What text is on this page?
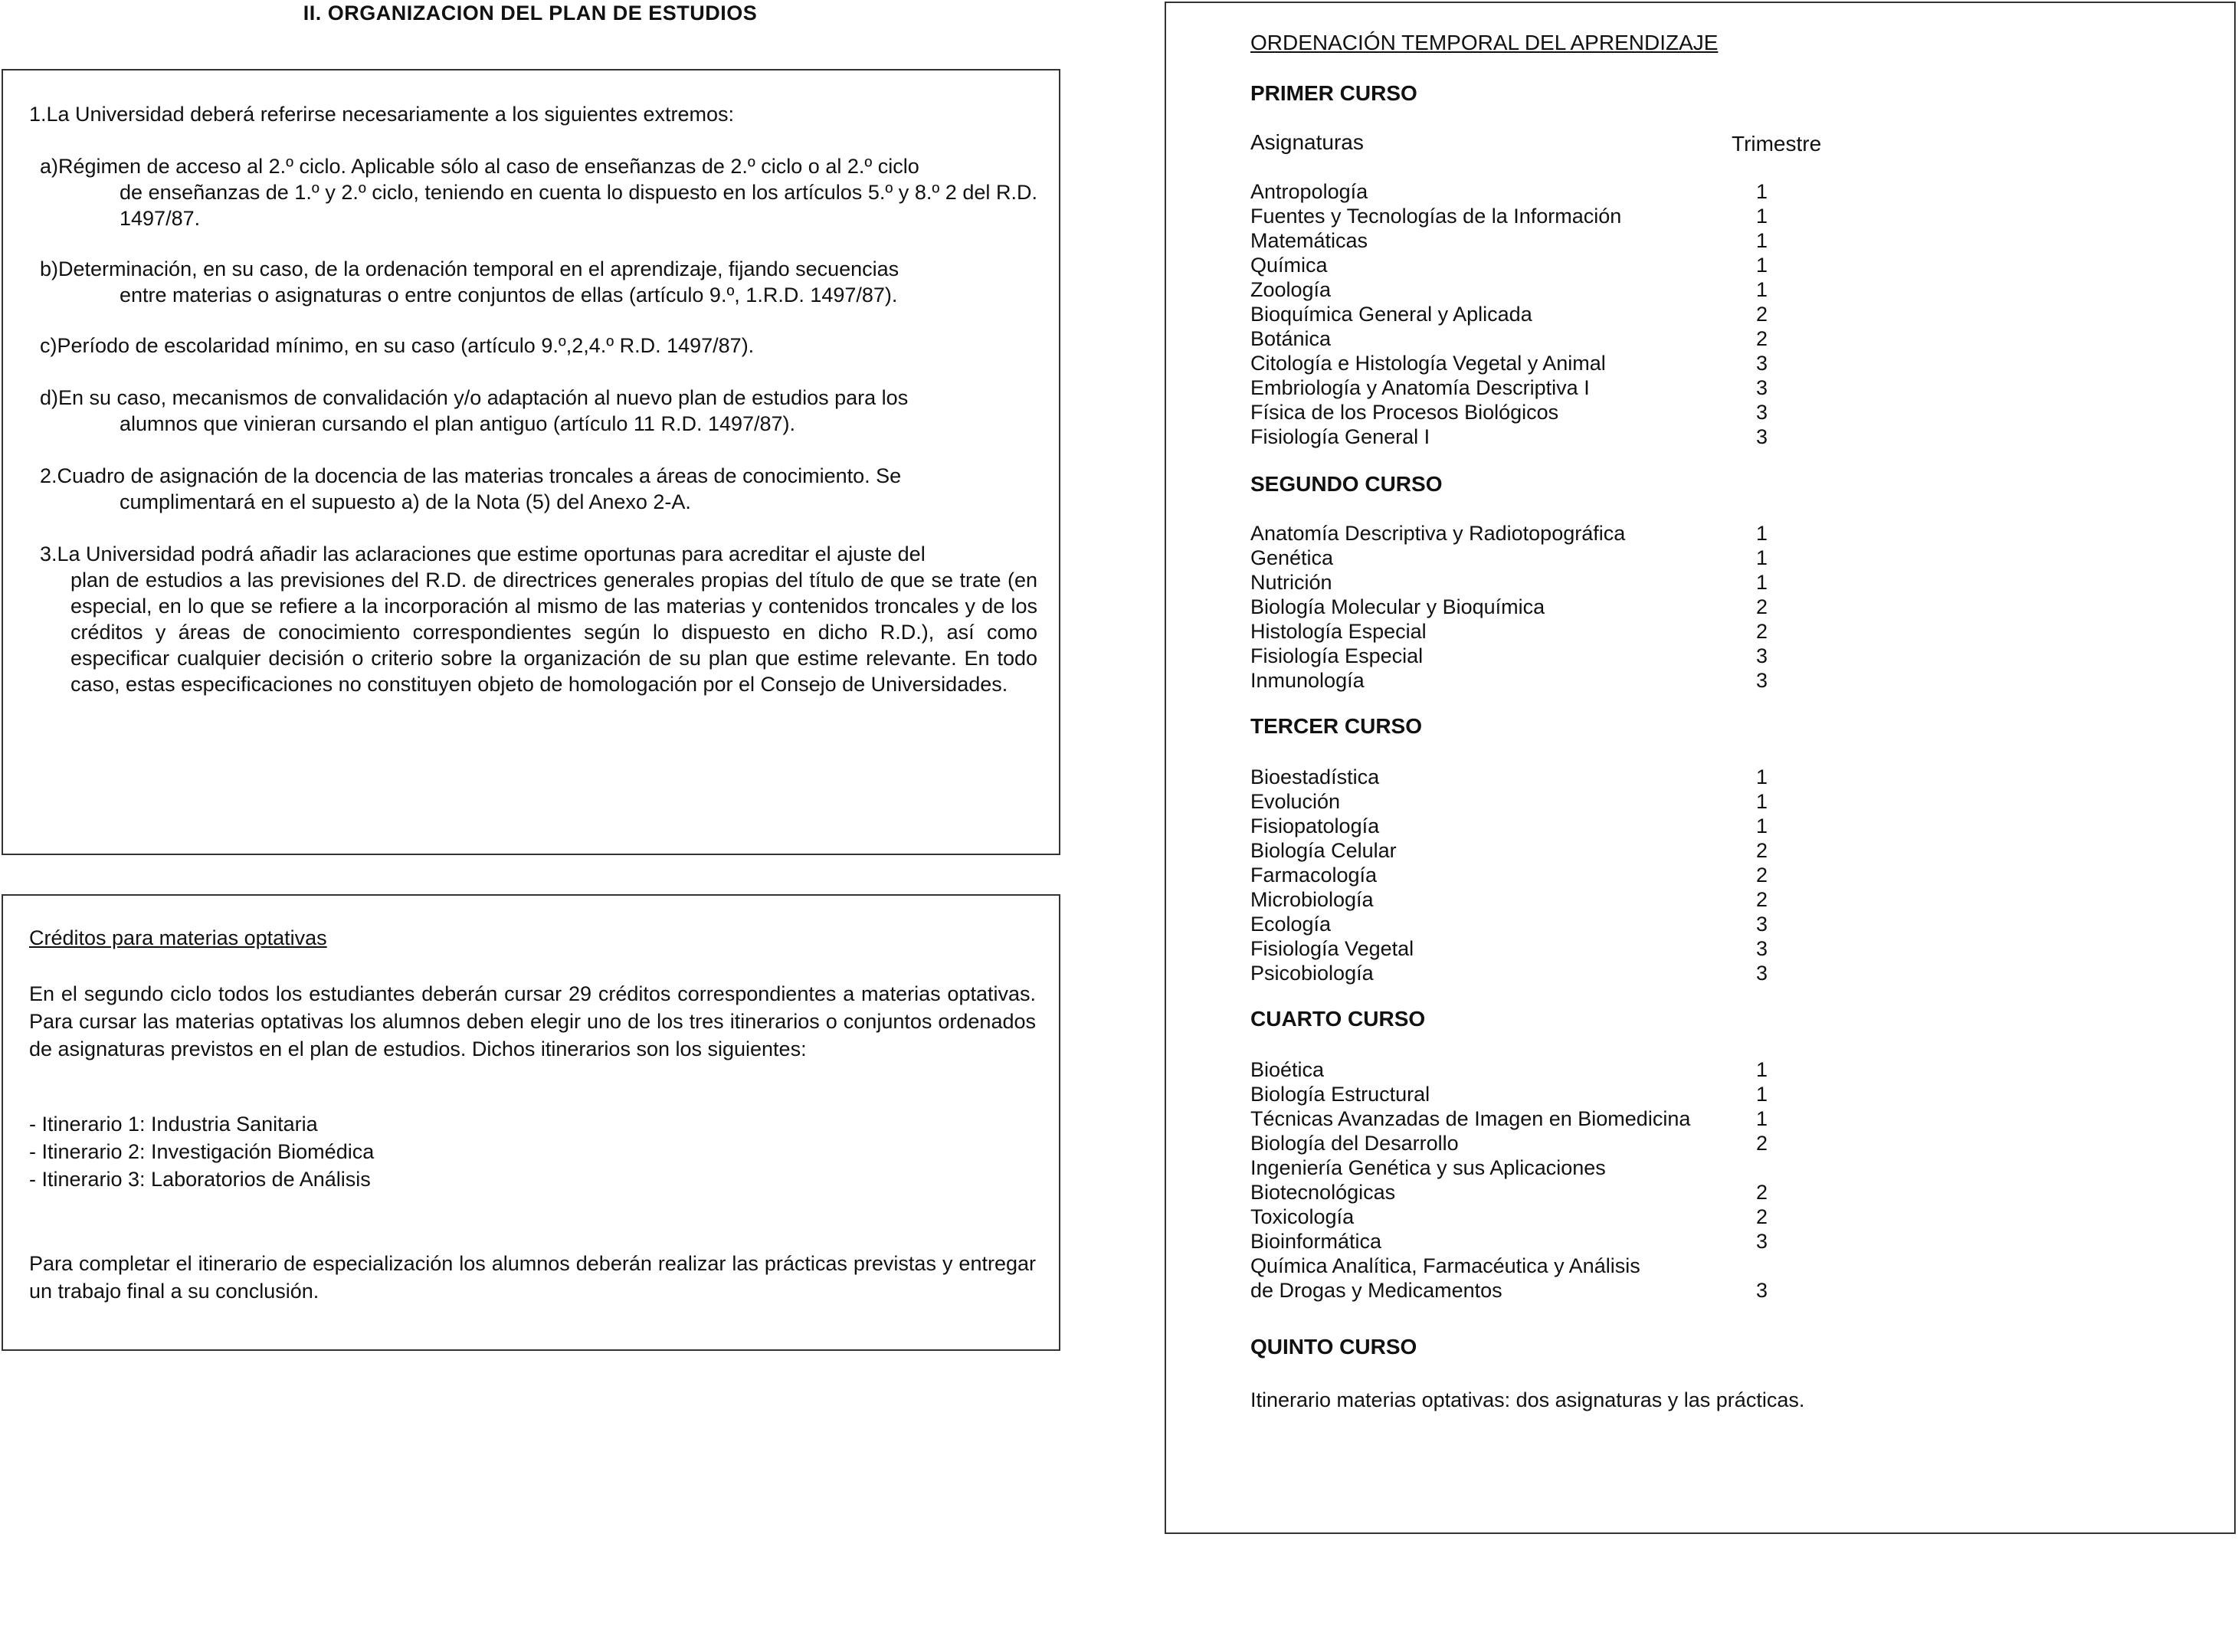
II. ORGANIZACION DEL PLAN DE ESTUDIOS
1.La Universidad deberá referirse necesariamente a los siguientes extremos:
a)Régimen de acceso al 2.º ciclo. Aplicable sólo al caso de enseñanzas de 2.º ciclo o al 2.º ciclo
de enseñanzas de 1.º y 2.º ciclo, teniendo en cuenta lo dispuesto en los artículos 5.º y 8.º 2 del R.D. 1497/87.
b)Determinación, en su caso, de la ordenación temporal en el aprendizaje, fijando secuencias
entre materias o asignaturas o entre conjuntos de ellas (artículo 9.º, 1.R.D. 1497/87).
c)Período de escolaridad mínimo, en su caso (artículo 9.º,2,4.º R.D. 1497/87).
d)En su caso, mecanismos de convalidación y/o adaptación al nuevo plan de estudios para los
alumnos que vinieran cursando el plan antiguo (artículo 11 R.D. 1497/87).
2.Cuadro de asignación de la docencia de las materias troncales a áreas de conocimiento. Se
cumplimentará en el supuesto a) de la Nota (5) del Anexo 2-A.
3.La Universidad podrá añadir las aclaraciones que estime oportunas para acreditar el ajuste del
plan de estudios a las previsiones del R.D. de directrices generales propias del título de que se trate (en especial, en lo que se refiere a la incorporación al mismo de las materias y contenidos troncales y de los créditos y áreas de conocimiento correspondientes según lo dispuesto en dicho R.D.), así como especificar cualquier decisión o criterio sobre la organización de su plan que estime relevante. En todo caso, estas especificaciones no constituyen objeto de homologación por el Consejo de Universidades.
Créditos para materias optativas
En el segundo ciclo todos los estudiantes deberán cursar 29 créditos correspondientes a materias optativas. Para cursar las materias optativas los alumnos deben elegir uno de los tres itinerarios o conjuntos ordenados de asignaturas previstos en el plan de estudios. Dichos itinerarios son los siguientes:
- Itinerario 1: Industria Sanitaria
- Itinerario 2: Investigación Biomédica
- Itinerario 3: Laboratorios de Análisis
Para completar el itinerario de especialización los alumnos deberán realizar las prácticas previstas y entregar un trabajo final a su conclusión.
ORDENACIÓN TEMPORAL DEL APRENDIZAJE
PRIMER CURSO
Asignaturas	Trimestre
Antropología	1
Fuentes y Tecnologías de la Información	1
Matemáticas	1
Química	1
Zoología	1
Bioquímica General y Aplicada	2
Botánica	2
Citología e Histología Vegetal y Animal	3
Embriología y Anatomía Descriptiva I	3
Física de los Procesos Biológicos	3
Fisiología General I	3
SEGUNDO CURSO
Anatomía Descriptiva y Radiotopográfica	1
Genética	1
Nutrición	1
Biología Molecular y Bioquímica	2
Histología Especial	2
Fisiología Especial	3
Inmunología	3
TERCER CURSO
Bioestadística	1
Evolución	1
Fisiopatología	1
Biología Celular	2
Farmacología	2
Microbiología	2
Ecología	3
Fisiología Vegetal	3
Psicobiología	3
CUARTO CURSO
Bioética	1
Biología Estructural	1
Técnicas Avanzadas de Imagen en Biomedicina	1
Biología del Desarrollo	2
Ingeniería Genética y sus Aplicaciones
Biotecnológicas	2
Toxicología	2
Bioinformática	3
Química Analítica, Farmacéutica y Análisis
de Drogas y Medicamentos	3
QUINTO CURSO
Itinerario materias optativas: dos asignaturas y las prácticas.
